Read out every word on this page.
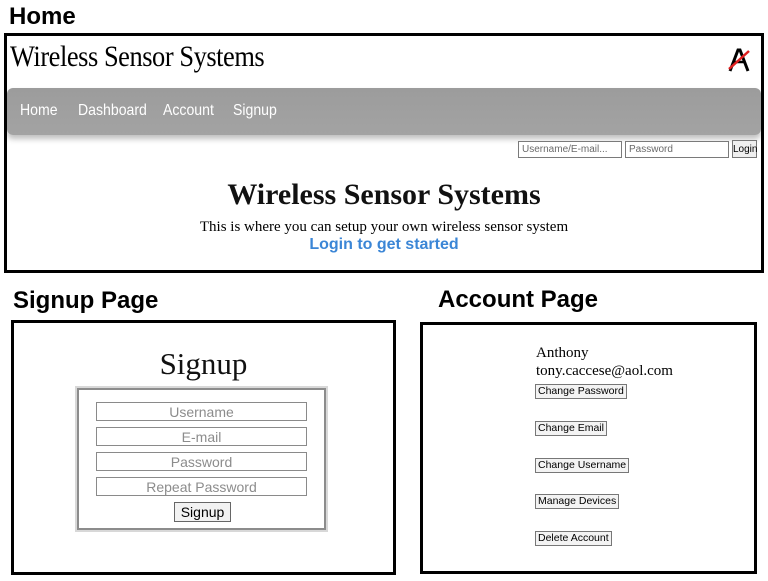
Home
Signup Page	Account Page
Wireless Sensor Systems
Home Dashboard Account Signup
Username/E-mail...
Login
Wireless Sensor Systems
This is where you can setup your own wireless sensor system
Login to get started
Signup
Username
E-mail
Signup
Anthony
tony.caccese@aol.com
Change Password
Change Email
Change Username
Manage Devices
Delete Account
